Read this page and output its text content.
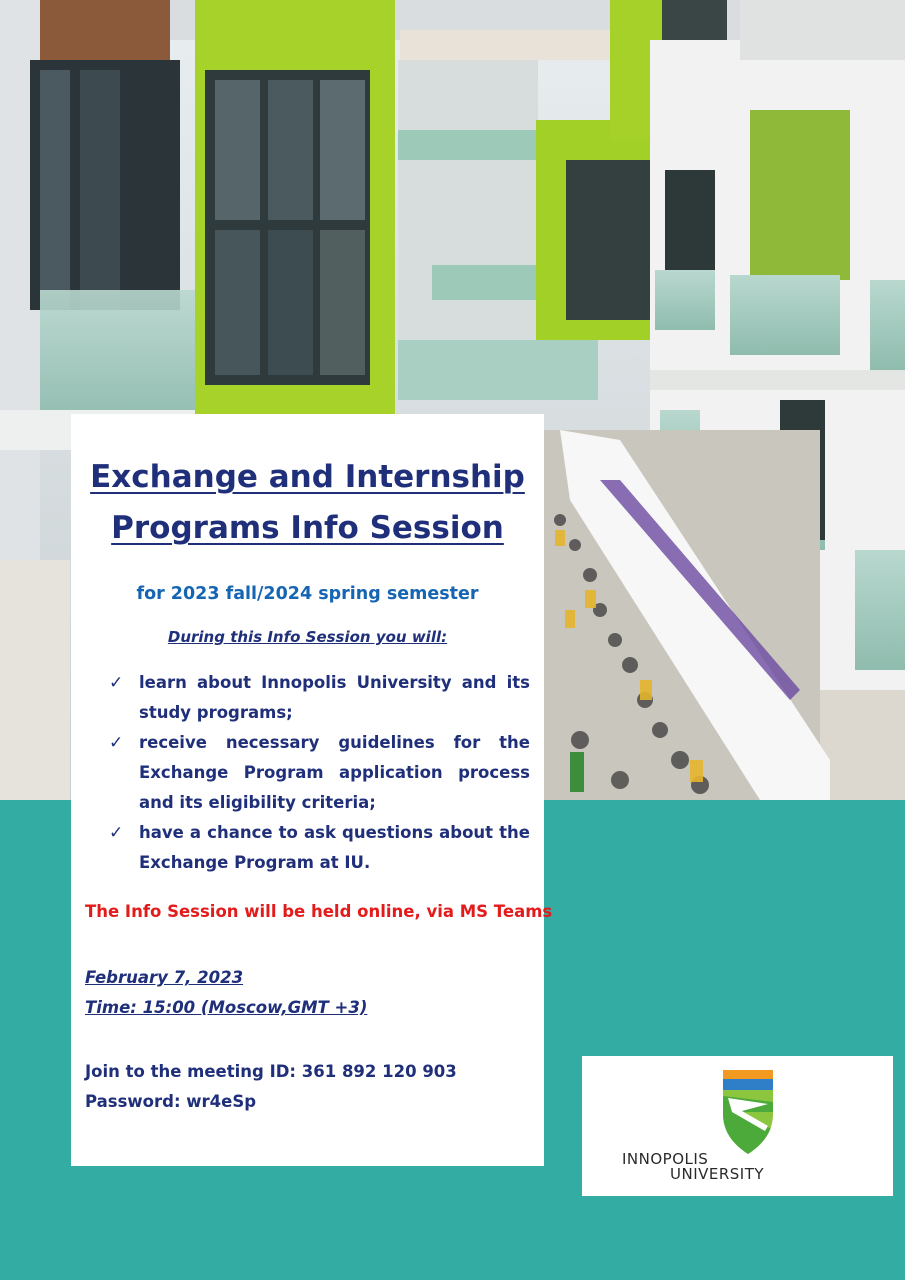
Exchange and Internship Programs Info Session
for 2023 fall/2024 spring semester
During this Info Session you will:
✓ learn about Innopolis University and its study programs;
✓ receive necessary guidelines for the Exchange Program application process and its eligibility criteria;
✓ have a chance to ask questions about the Exchange Program at IU.
The Info Session will be held online, via MS Teams
February 7, 2023
Time: 15:00 (Moscow,GMT +3)
Join to the meeting ID: 361 892 120 903
Password: wr4eSp
INNOPOLIS
UNIVERSITY
